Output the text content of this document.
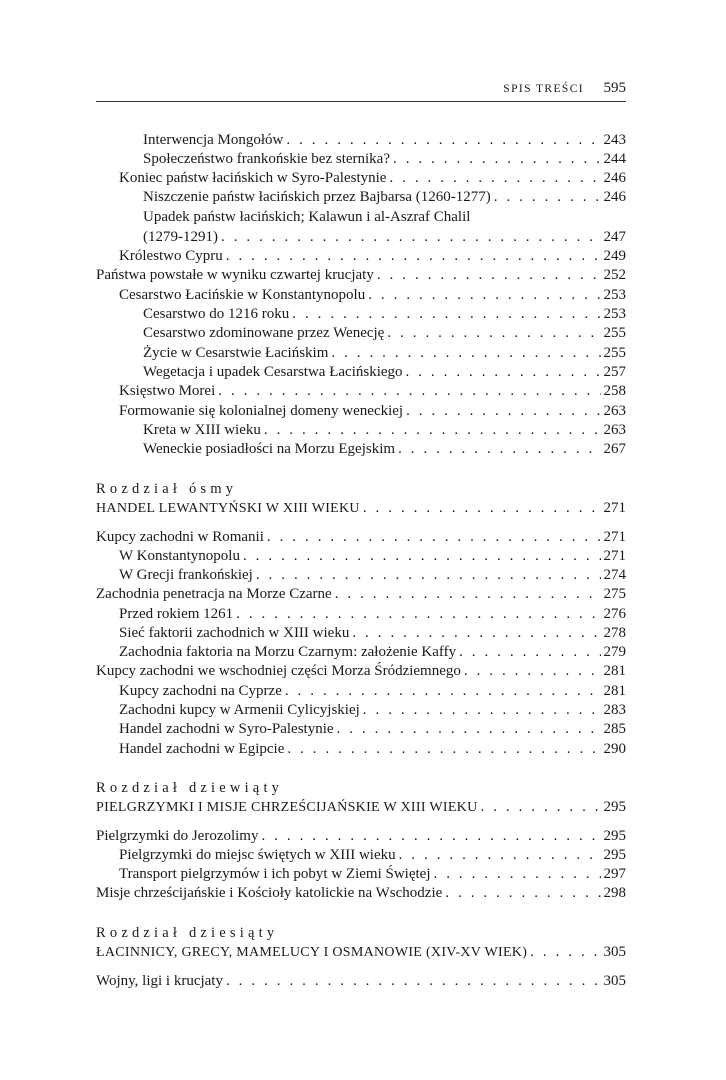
SPIS TREŚCI 595
Interwencja Mongołów . . .	243
Społeczeństwo frankońskie bez sternika? . . .	244
Koniec państw łacińskich w Syro-Palestynie . . .	246
Niszczenie państw łacińskich przez Bajbarsa (1260-1277) . . .	246
Upadek państw łacińskich; Kalawun i al-Aszraf Chalil
(1279-1291) . . .	247
Królestwo Cypru . . .	249
Państwa powstałe w wyniku czwartej krucjaty . . .	252
Cesarstwo Łacińskie w Konstantynopolu . . .	253
Cesarstwo do 1216 roku . . .	253
Cesarstwo zdominowane przez Wenecję . . .	255
Życie w Cesarstwie Łacińskim . . .	255
Wegetacja i upadek Cesarstwa Łacińskiego . . .	257
Księstwo Morei . . .	258
Formowanie się kolonialnej domeny weneckiej . . .	263
Kreta w XIII wieku . . .	263
Weneckie posiadłości na Morzu Egejskim . . .	267
Rozdział ósmy
HANDEL LEWANTYŃSKI W XIII WIEKU . . .	271
Kupcy zachodni w Romanii . . .	271
W Konstantynopolu . . .	271
W Grecji frankońskiej . . .	274
Zachodnia penetracja na Morze Czarne . . .	275
Przed rokiem 1261 . . .	276
Sieć faktorii zachodnich w XIII wieku . . .	278
Zachodnia faktoria na Morzu Czarnym: założenie Kaffy . . .	279
Kupcy zachodni we wschodniej części Morza Śródziemnego . . .	281
Kupcy zachodni na Cyprze . . .	281
Zachodni kupcy w Armenii Cylicyjskiej . . .	283
Handel zachodni w Syro-Palestynie . . .	285
Handel zachodni w Egipcie . . .	290
Rozdział dziewiąty
PIELGRZYMKI I MISJE CHRZEŚCIJAŃSKIE W XIII WIEKU . . .	295
Pielgrzymki do Jerozolimy . . .	295
Pielgrzymki do miejsc świętych w XIII wieku . . .	295
Transport pielgrzymów i ich pobyt w Ziemi Świętej . . .	297
Misje chrześcijańskie i Kościoły katolickie na Wschodzie . . .	298
Rozdział dziesiąty
ŁACINNICY, GRECY, MAMELUCY I OSMANOWIE (XIV-XV WIEK) . . .	305
Wojny, ligi i krucjaty . . .	305
